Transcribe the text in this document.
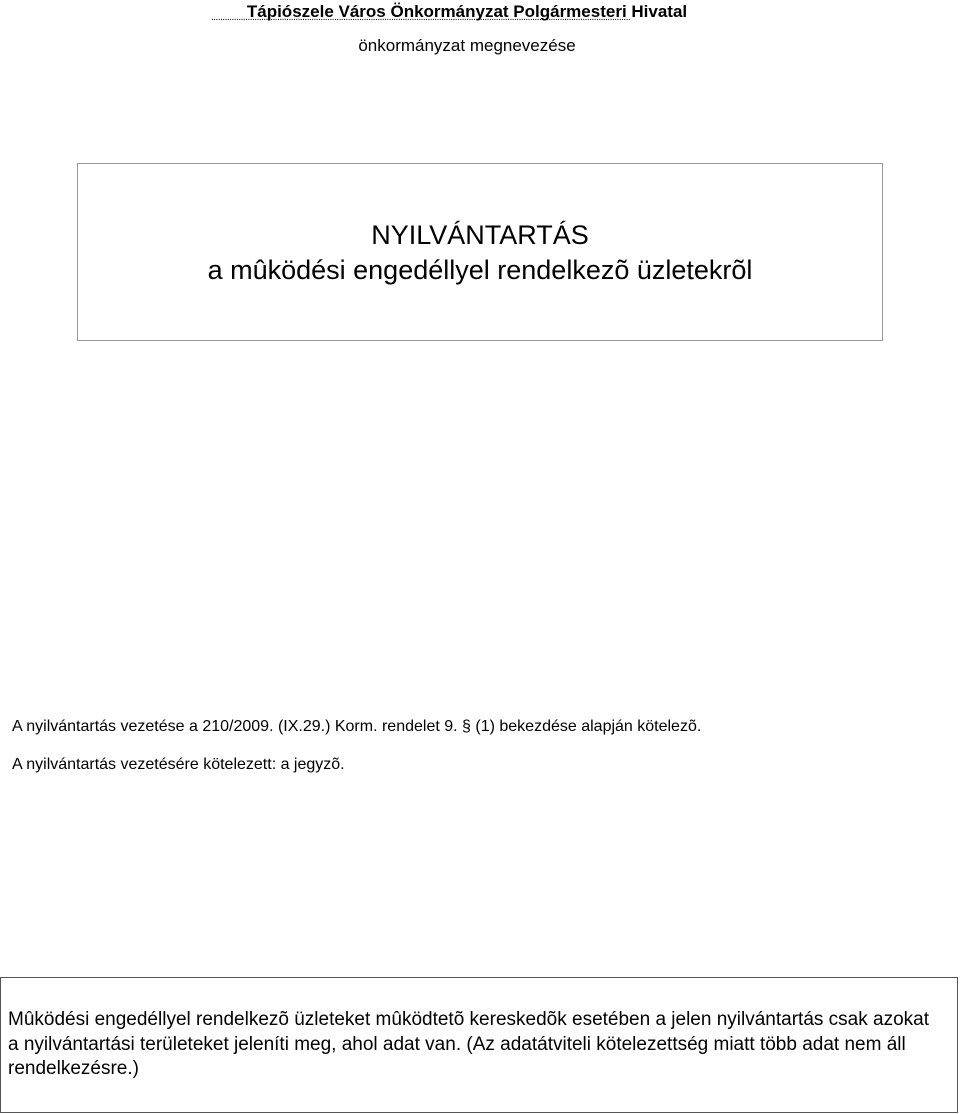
Tápiószele Város Önkormányzat Polgármesteri Hivatal
.....
önkormányzat megnevezése
NYILVÁNTARTÁS
a mûködési engedéllyel rendelkezõ üzletekrõl
A nyilvántartás vezetése a 210/2009. (IX.29.) Korm. rendelet 9. § (1) bekezdése alapján kötelezõ.
A nyilvántartás vezetésére kötelezett: a jegyzõ.
Mûködési engedéllyel rendelkezõ üzleteket mûködtetõ kereskedõk esetében a jelen nyilvántartás csak azokat a nyilvántartási területeket jeleníti meg, ahol adat van. (Az adatátviteli kötelezettség miatt több adat nem áll rendelkezésre.)
